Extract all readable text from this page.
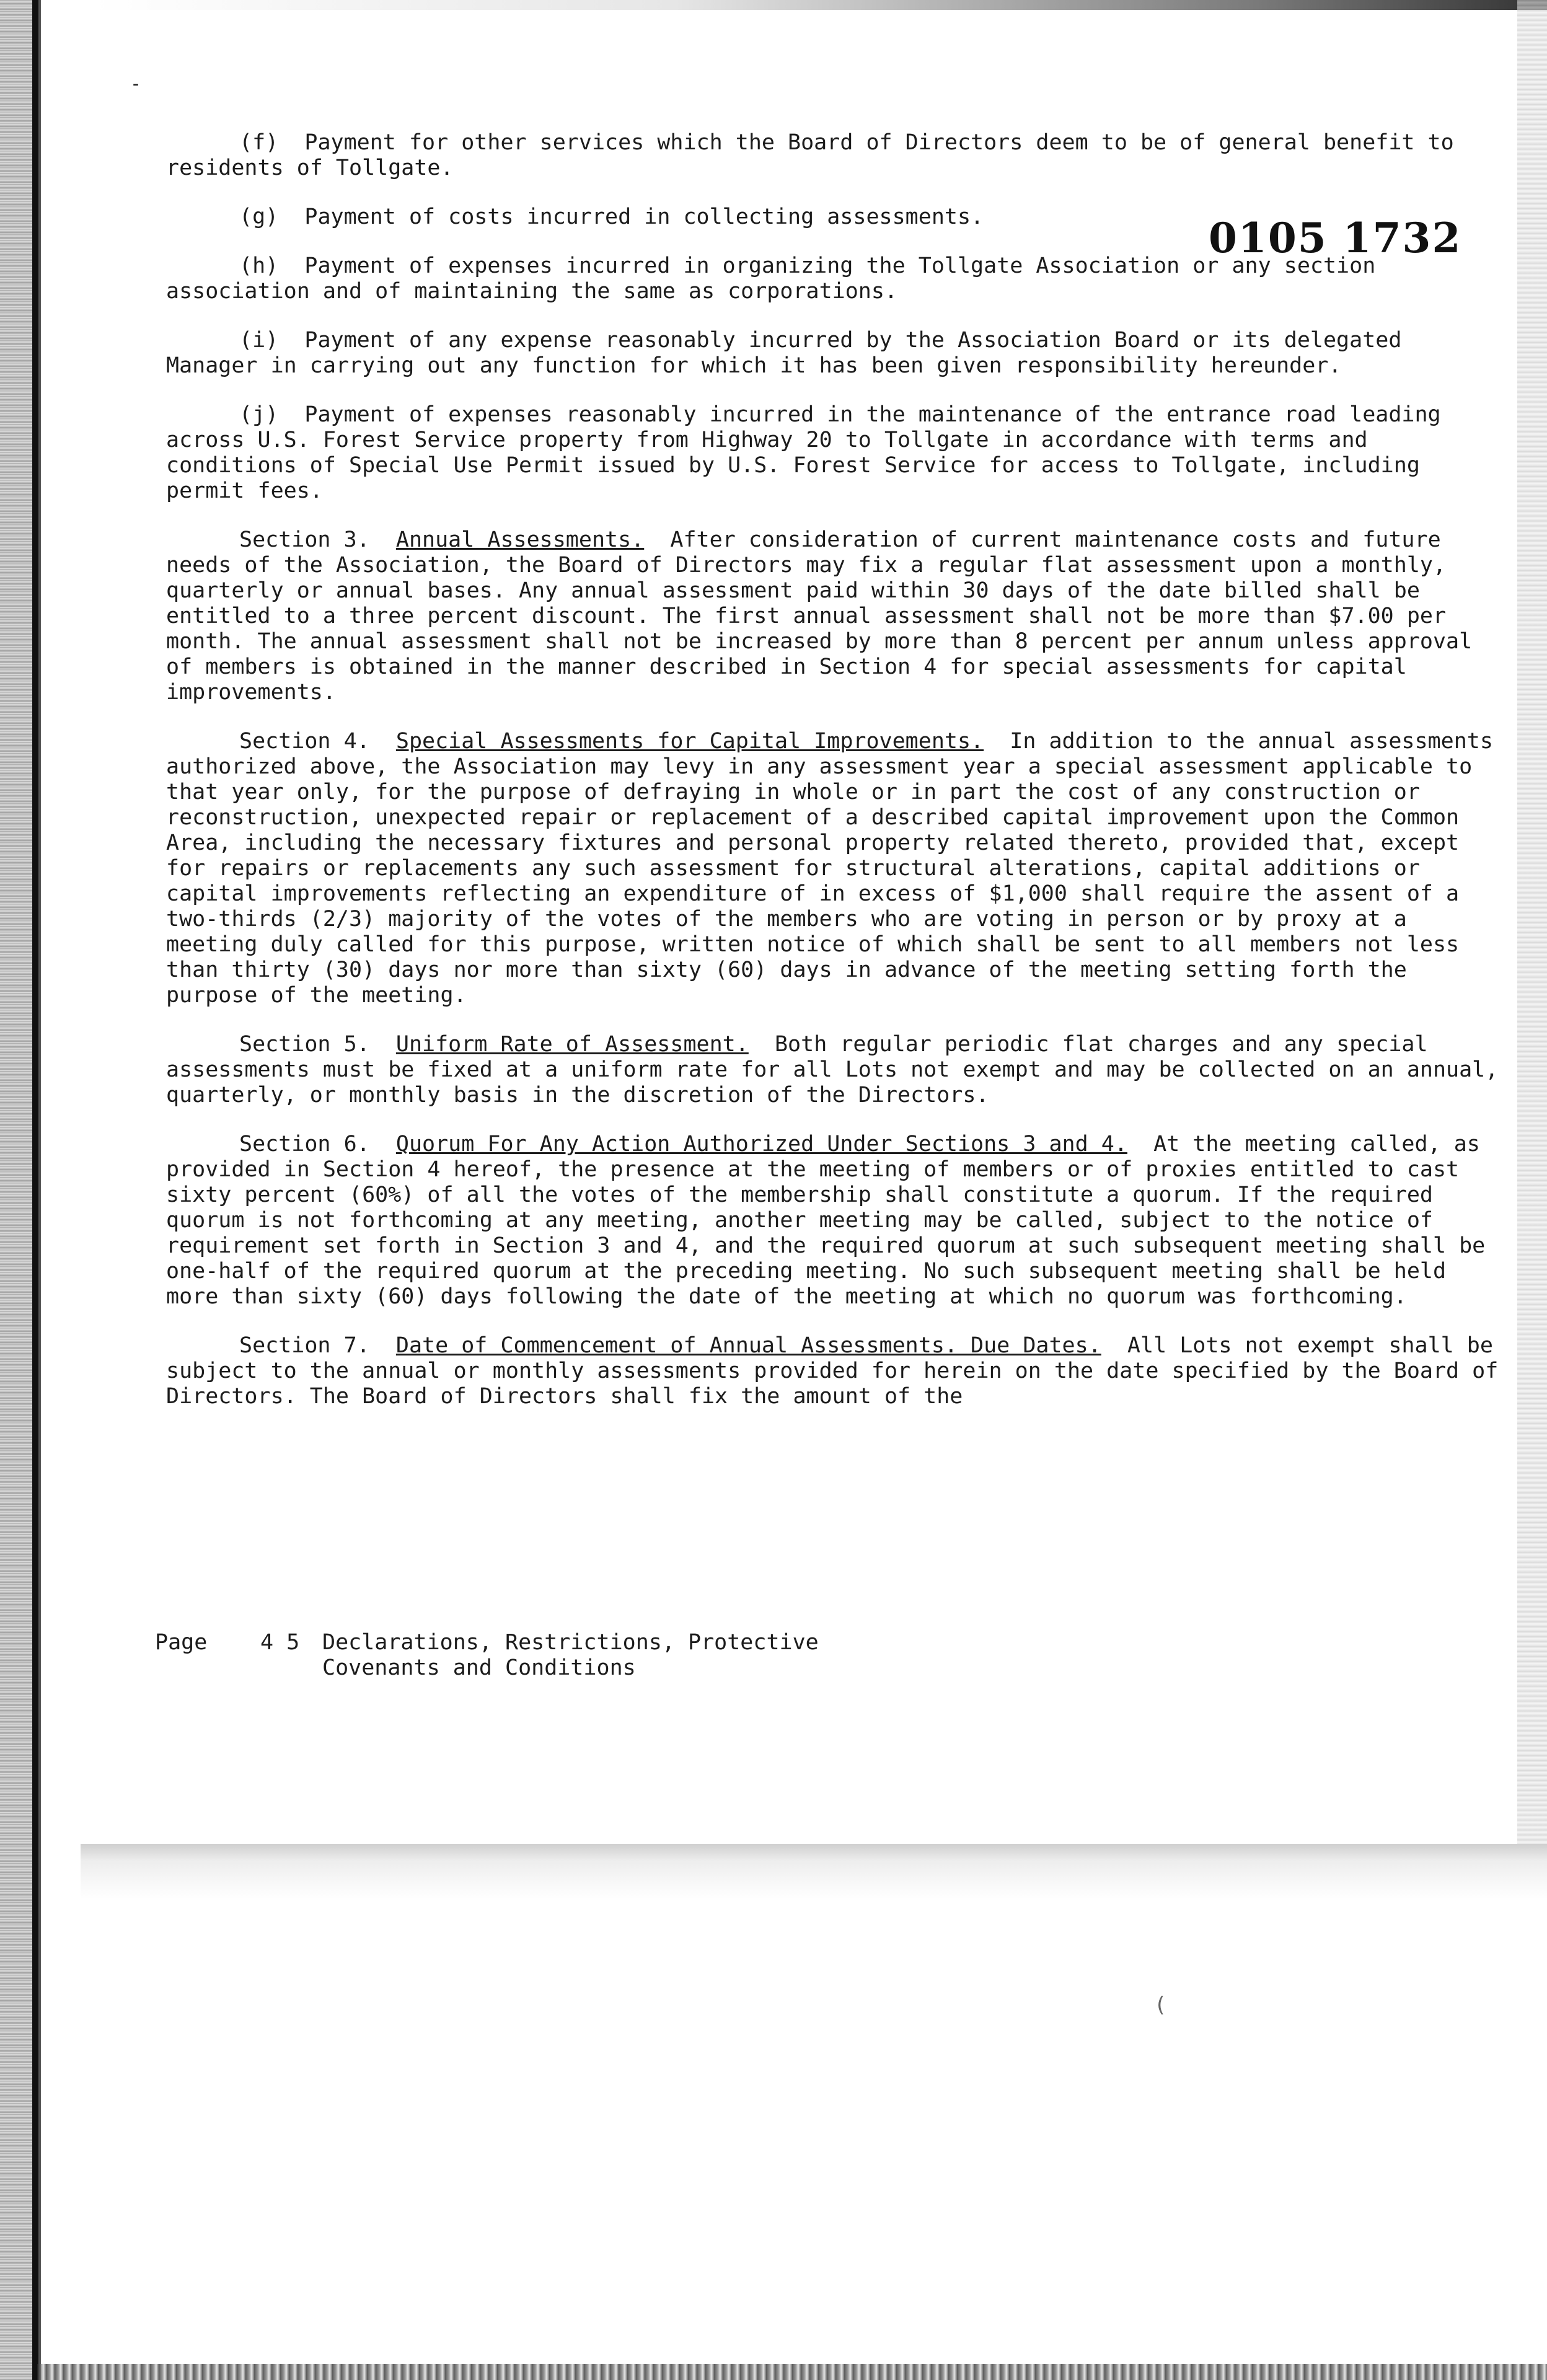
-
0105 1732

(f) Payment for other services which the Board of Directors deem to be of general benefit to residents of Tollgate.

(g) Payment of costs incurred in collecting assessments.

(h) Payment of expenses incurred in organizing the Tollgate Association or any section association and of maintaining the same as corporations.

(i) Payment of any expense reasonably incurred by the Association Board or its delegated Manager in carrying out any function for which it has been given responsibility hereunder.

(j) Payment of expenses reasonably incurred in the maintenance of the entrance road leading across U.S. Forest Service property from Highway 20 to Tollgate in accordance with terms and conditions of Special Use Permit issued by U.S. Forest Service for access to Tollgate, including permit fees.

Section 3. Annual Assessments. After consideration of current maintenance costs and future needs of the Association, the Board of Directors may fix a regular flat assessment upon a monthly, quarterly or annual bases. Any annual assessment paid within 30 days of the date billed shall be entitled to a three percent discount. The first annual assessment shall not be more than $7.00 per month. The annual assessment shall not be increased by more than 8 percent per annum unless approval of members is obtained in the manner described in Section 4 for special assessments for capital improvements.

Section 4. Special Assessments for Capital Improvements. In addition to the annual assessments authorized above, the Association may levy in any assessment year a special assessment applicable to that year only, for the purpose of defraying in whole or in part the cost of any construction or reconstruction, unexpected repair or replacement of a described capital improvement upon the Common Area, including the necessary fixtures and personal property related thereto, provided that, except for repairs or replacements any such assessment for structural alterations, capital additions or capital improvements reflecting an expenditure of in excess of $1,000 shall require the assent of a two-thirds (2/3) majority of the votes of the members who are voting in person or by proxy at a meeting duly called for this purpose, written notice of which shall be sent to all members not less than thirty (30) days nor more than sixty (60) days in advance of the meeting setting forth the purpose of the meeting.

Section 5. Uniform Rate of Assessment. Both regular periodic flat charges and any special assessments must be fixed at a uniform rate for all Lots not exempt and may be collected on an annual, quarterly, or monthly basis in the discretion of the Directors.

Section 6. Quorum For Any Action Authorized Under Sections 3 and 4. At the meeting called, as provided in Section 4 hereof, the presence at the meeting of members or of proxies entitled to cast sixty percent (60%) of all the votes of the membership shall constitute a quorum. If the required quorum is not forthcoming at any meeting, another meeting may be called, subject to the notice of requirement set forth in Section 3 and 4, and the required quorum at such subsequent meeting shall be one-half of the required quorum at the preceding meeting. No such subsequent meeting shall be held more than sixty (60) days following the date of the meeting at which no quorum was forthcoming.

Section 7. Date of Commencement of Annual Assessments. Due Dates. All Lots not exempt shall be subject to the annual or monthly assessments provided for herein on the date specified by the Board of Directors. The Board of Directors shall fix the amount of the

Page	4 5	Declarations, Restrictions, Protective
Covenants and Conditions
(
